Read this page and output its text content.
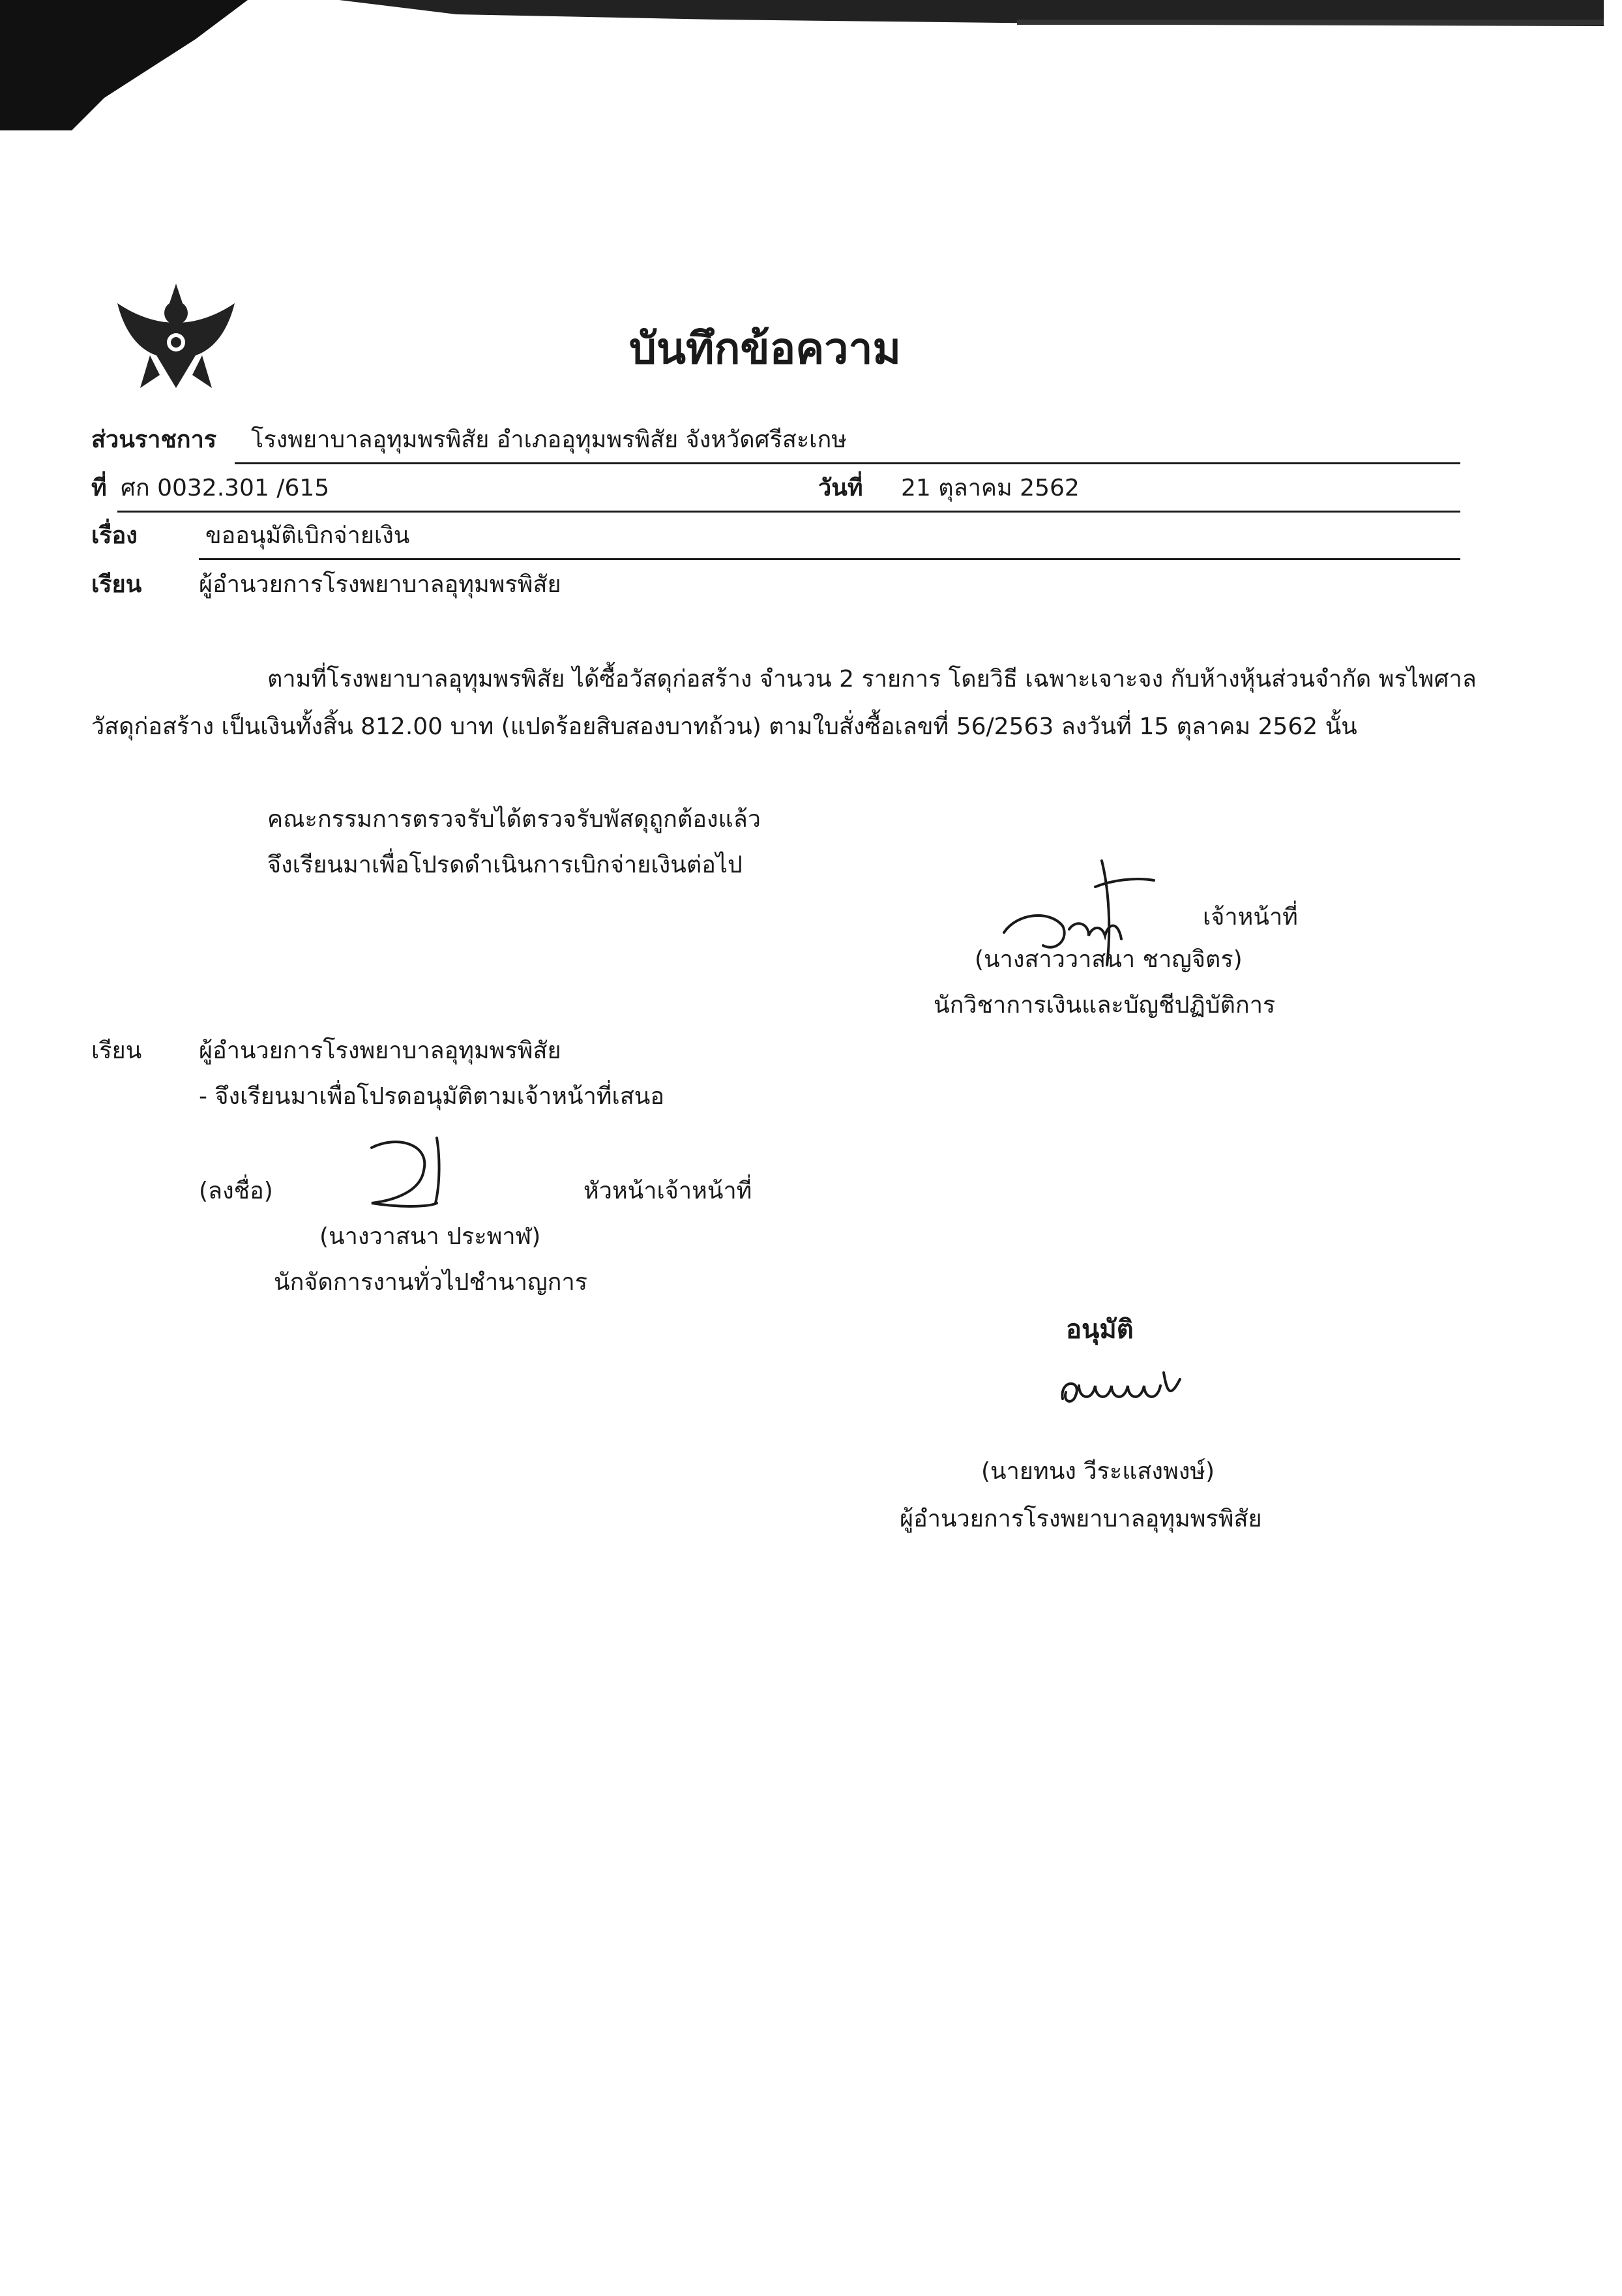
บันทึกข้อความ
ส่วนราชการ โรงพยาบาลอุทุมพรพิสัย อำเภออุทุมพรพิสัย จังหวัดศรีสะเกษ
ที่ ศก 0032.301 /615	วันที่ 21 ตุลาคม 2562
เรื่อง	ขออนุมัติเบิกจ่ายเงิน
เรียน ผู้อำนวยการโรงพยาบาลอุทุมพรพิสัย
ตามที่โรงพยาบาลอุทุมพรพิสัย ได้ซื้อวัสดุก่อสร้าง จำนวน 2 รายการ โดยวิธี เฉพาะเจาะจง กับห้างหุ้นส่วนจำกัด พรไพศาล
วัสดุก่อสร้าง เป็นเงินทั้งสิ้น 812.00 บาท (แปดร้อยสิบสองบาทถ้วน) ตามใบสั่งซื้อเลขที่ 56/2563 ลงวันที่ 15 ตุลาคม 2562 นั้น
คณะกรรมการตรวจรับได้ตรวจรับพัสดุถูกต้องแล้ว
จึงเรียนมาเพื่อโปรดดำเนินการเบิกจ่ายเงินต่อไป
เจ้าหน้าที่
(นางสาววาสนา ชาญจิตร)
นักวิชาการเงินและบัญชีปฏิบัติการ
เรียน ผู้อำนวยการโรงพยาบาลอุทุมพรพิสัย
- จึงเรียนมาเพื่อโปรดอนุมัติตามเจ้าหน้าที่เสนอ
(ลงชื่อ)	หัวหน้าเจ้าหน้าที่
(นางวาสนา ประพาฬ)
นักจัดการงานทั่วไปชำนาญการ
อนุมัติ
(นายทนง วีระแสงพงษ์)
ผู้อำนวยการโรงพยาบาลอุทุมพรพิสัย
